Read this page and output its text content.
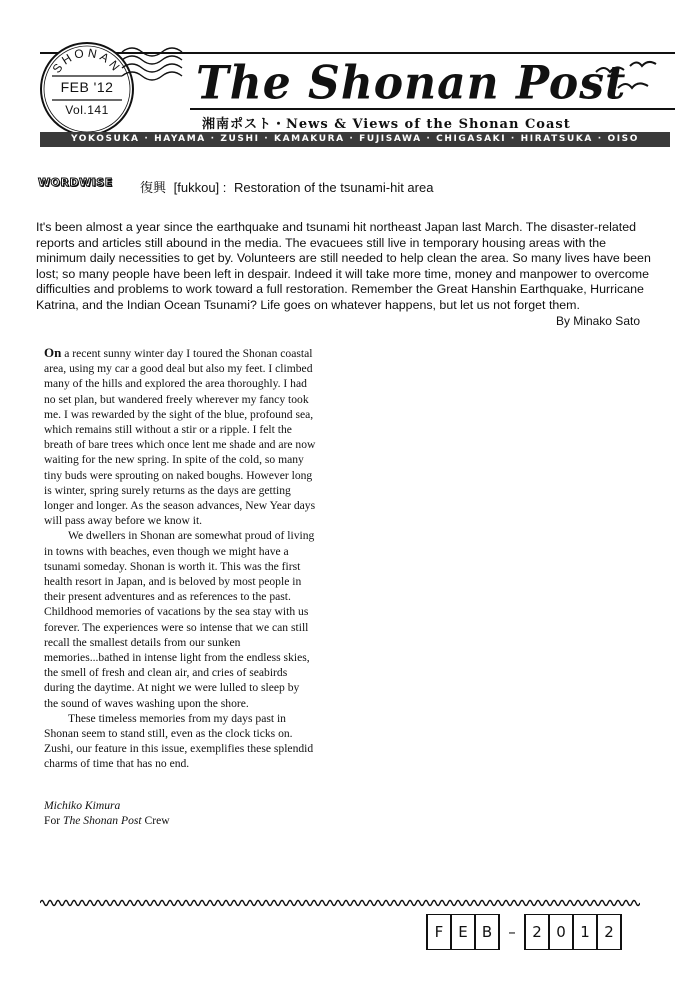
SHONAN
FEB '12
Vol.141	The Shonan Post
湘南ポスト・News & Views of the Shonan Coast
YOKOSUKA · HAYAMA · ZUSHI · KAMAKURA · FUJISAWA · CHIGASAKI · HIRATSUKA · OISO
WORDWISE 復興 [fukkou] : Restoration of the tsunami-hit area

It's been almost a year since the earthquake and tsunami hit northeast Japan last March. The disaster-related reports and articles still abound in the media. The evacuees still live in temporary housing areas with the minimum daily necessities to get by. Volunteers are still needed to help clean the area. So many lives have been lost; so many people have been left in despair. Indeed it will take more time, money and manpower to overcome difficulties and problems to work toward a full restoration. Remember the Great Hanshin Earthquake, Hurricane Katrina, and the Indian Ocean Tsunami? Life goes on whatever happens, but let us not forget them.

By Minako Sato

On a recent sunny winter day I toured the Shonan coastal area, using my car a good deal but also my feet. I climbed many of the hills and explored the area thoroughly. I had no set plan, but wandered freely wherever my fancy took me. I was rewarded by the sight of the blue, profound sea, which remains still without a stir or a ripple. I felt the breath of bare trees which once lent me shade and are now waiting for the new spring. In spite of the cold, so many tiny buds were sprouting on naked boughs. However long is winter, spring surely returns as the days are getting longer and longer. As the season advances, New Year days will pass away before we know it.

We dwellers in Shonan are somewhat proud of living in towns with beaches, even though we might have a tsunami someday. Shonan is worth it. This was the first health resort in Japan, and is beloved by most people in their present adventures and as references to the past. Childhood memories of vacations by the sea stay with us forever. The experiences were so intense that we can still recall the smallest details from our sunken memories...bathed in intense light from the endless skies, the smell of fresh and clean air, and cries of seabirds during the daytime. At night we were lulled to sleep by the sound of waves washing upon the shore.

These timeless memories from my days past in Shonan seem to stand still, even as the clock ticks on. Zushi, our feature in this issue, exemplifies these splendid charms of time that has no end.

Michiko Kimura
For The Shonan Post Crew
F E B	–	2 0 1 2
